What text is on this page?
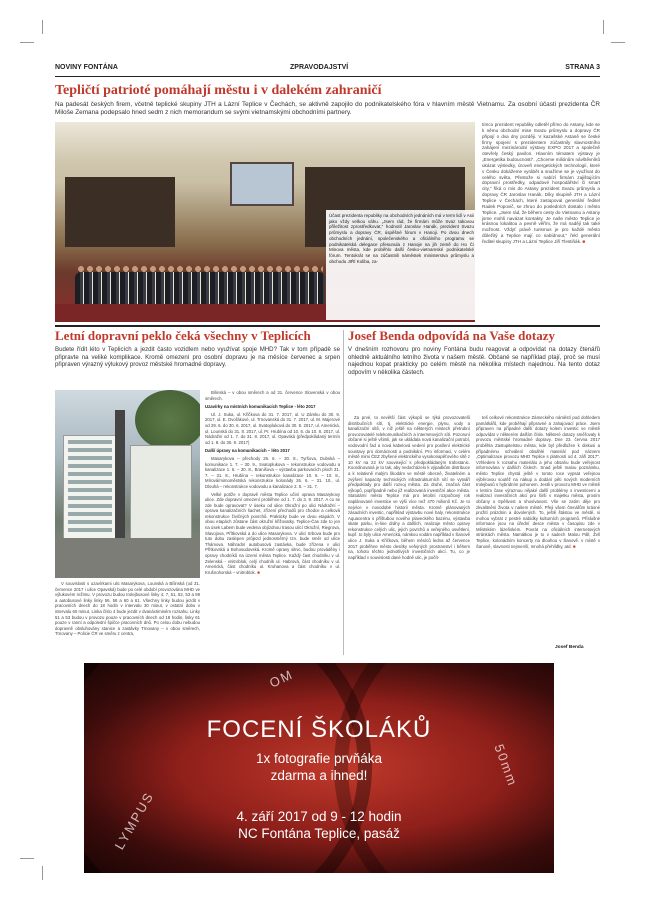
NOVINY FONTÁNA	ZPRAVODAJSTVÍ	STRANA 3
Tepličtí patrioté pomáhají městu i v dalekém zahraničí
Na padesát českých firem, včetně teplické skupiny JTH a Lázní Teplice v Čechách, se aktivně zapojilo do podnikatelského fóra v hlavním městě Vietnamu. Za osobní účasti prezidenta ČR Miloše Zemana podepsalo hned sedm z nich memorandum se svými vietnamskými obchodními partnery.
Účast prezidenta republiky na obchodních jednáních má v term lidí v Asii jako vždy velkou váhu. „Jsem rád, že firmám může Svaz takovou příležitost zprostředkovat," hodnotil Jaroslav Hanák, prezident Svazu průmyslu a dopravy ČR, úspěšné fórum v Hanoji. Po dvou dnech obchodních jednání, společenského a oficiálního programu se podnikatelská delegace přesunula z Hanoje na jih země do Ho Či Minova města, kde proběhlo další česko-vietnamské podnikatelské fórum. Tentokrát se na zúčastnili náměstek ministerstva průmyslu a obchodu JIŘÍ Koliba, za-
tímco prezident republiky odletěl přímo do Astany, kde se k němu obchodní mise Svazu průmyslu a dopravy ČR připojí o dva dny později. V kazašské Astaně se české firmy spojení s prezidentem zúčastnily slavnostního zahájení mezinárodní výstavy EXPO 2017 a společně otevřely český pavilon. Hlavním tématem výstavy je „Energetika budoucnosti". „Chceme miliónům návštěvníků ukázat výsledky, úroveň energetických technologií, které v Česku dokážeme vyrábět a snažíme se je využívat do celého světa. Přestože si nabízí firmám zajištujícím dopravní prostředky, odpadové hospodářství či smart city," říká o mis do Astany prezident Svazu průmyslu a dopravy ČR Jaroslav Hanák. Díky skupině JTH a Lázní Teplice v Čechách, které zastupoval generální ředitel Radek Popovič, se zhruo do posledních dostalo i město Teplice. „Jsem rád, že během cesty do Vietnamu a Astany jsme mohli navázat kontakty. Je naše město Teplice je krásnou lokalitou a pevně věřím, že má nadějí tak také možnost. Vždyť právě turismus je pro každé město důležitý a Teplice mají co nabídnout," řekl generální ředitel skupiny JTH a Lázní Teplice Jiří Tlestiňák. ■
Letní dopravní peklo čeká všechny v Teplicích
Budete řídit léto v Teplicích a jezdit často vozidlem nebo využívat spoje MHD? Tak v tom případě se připravte na veliké komplikace. Kromě omezení pro osobní dopravu je na měsíce červenec a srpen připraven výrazný výlukový provoz městské hromadné dopravy.

V souvislosti s uzavírkami ulic Masarykova, Lounská a Bílinská (od 31. července 2017 i ulice Opavská) bude po celé období provozována MHD ve výlukovém režimu. V provozu budou trolejbusové linky 4, 7, 51, 52, 53 a 59 a autobusové linky linky 56, 58 a 60 a 61. Všechny linky budou jezdit v pracovních dnech do 18 hodin v intervalu 30 minut, v ostatní dobu v intervalu 60 minut. Linka číslo 4 bude jezdit v dvanáctiminém rozsahu. Linky 51 a 53 budou v provozu pouze v pracovních dnech od 18 hodin, linky 61 pouze v ranní a odpolední špičce pracovních dnů. Po celou dobu nebudou dopravně obsluhovány stanice a zastávky Trnovany – v obou směrech, Trnovany – Policie ČR ve směru z centra,

Bílinská – v obou směrech a od 31. července Slovenská v obou směrech.

Uzavírky na místních komunikacích Teplice - léto 2017

Ul. J. Suka, ul. Křičkova do 31. 7. 2017, ul. U Zámku do 30. 9. 2017, ul. E. Dvořákové, ul. Trnovanská do 31. 7. 2017, ul. M. Majerové od 29. 6. do 30. 6. 2017, ul. Svatopluková do 30. 8. 2017, ul. Americká, ul. Lounská do 31. 8. 2017, ul. Pr. Hrubína od 10. 6. do 10. 8. 2017, ul. Nádražní od 1. 7. do 31. 8. 2017, ul. Opavská (předpokládaný termín od 1. 8. do 30. 9. 2017)

Další úpravy na komunikacích – léto 2017

Masarykova – přechody 26. 6. – 30. 8., Tyršova, Dubská – komunikace 1. 7. – 30. 9., Svatoplukova – rekonstrukce vodovodu a kanalizace 1. 6. – 30. 8., Branišova – výstavba parkovacích ploch 31. 7. – 31. 8., Hrubína – rekonstrukce kanalizace 10. 6. – 10. 8., Mírová/mimoměstská rekonstrukce kolonády 26. 6. – 31. 10., ul. Dlouhá – rekonstrukce vodovodu a kanalizace 2. 5. – 31. 7.

Velké potíže v dopravě města Teplice učiní oprava Masarykovy ulice. Zde dopravní omezení proběhne od 1. 7. do 3. 9. 2017. A co se zde bude opravovat? V úseku od ulice Okružní po ulici Nádražní – oprava kanalizačních šachet, zřízení přechodů pro chodce a celková rekonstrukce živičných povrchů. Prakticky bude ve dvou etapách. V obou etapách zůstane část okružní křižovatky. Teplice-Čas zde to jen na úsek Labem bude vedena objízdnou trasou ulicí Okružní, Riegrova, Slavojova, Přítkovská a do ulice Masarykova. V ulici Srbova bude pro tuto dobu zaslepen průjezd jednosměrný tzn. bude směr od ulice Thámova. Náhradní autobusová zastávka, bude zřízena v ulici Přítkovská a Bohosudovská. Kromě opravy silnic, budou prováděny i opravy chodníků na území města Teplice. Každý čast chodníku v ul. Zelenská - vnitroblok, celý chodník ul. Habrová, část chodníku v ul. Americká, část chodníku ul. Kruhanova a část chodníku v ul. Krušnohorská – vnitroblok. ■

Josef Benda odpovídá na Vaše dotazy
V dnešním rozhovoru pro noviny Fontána budu reagovat a odpovídat na dotazy čtenářů ohledně aktuálního letního života v našem městě. Občané se například ptají, proč se musí najednou kopat prakticky po celém městě na několika místech najednou. Na tento dotaz odpovím v několika částech.

Za prvé, to nevětší část výkopů se týká provozovatelů distribučních sítí, tj. elektrické energie, plynu, vody a kanalizační sítě, v níž ještě na některých místech přetrubní provozovatelé telekomunikačních a internetových sítí. Pozoruní občané si ještě všimli, jak se ukládala nová kanalizační potrubí, vodovodní řad a nová kabelová vedení pro posílení elektrické soustavy pro domácnosti a podnikání. Pro informaci, v celém městě mimi ČEZ zbyšené elektrického vysokonapěťového sítě z 10 kV na 22 kV související s předpokládaným trafostanic. Koordinovaná je to tak, aby nedocházelo k výpadkům distribuce a k relativně malým škodám ve městě obecně, živatelném a zvýšení kapacity technických infrastrukturních sítí se vytváří předpoklady pro další rozvoj města. Za druhé, značná část výkopů, popřípadně nebo již realizovaná investiční akce města. Statutární město Teplice má pro letošní rozpočtový rok naplánované investice ve výši více než 470 milionů Kč. Je to nejvíce v novodobé historii města. Kromě plánovaných zásadních investic, například výstavbu nové haly, rekonstrukce Aquacentra s příštubou nového plaveckého bazénu, výstavba skate parku, in-line dráhy a dalších, realizuje město opravy rekonstrukce celých ulic, jejich povrchů a veřejného osvětlení, kupř. to byly ulice Americká, námkou vodám například v Šanově ulice J. Suka a Křičkova, během měsíců ledna až července 2017 proběhne město desítky veřejných prostranství i během na, tohoto těchto jednotlivých investičních akcí. Tu, co je například v souvislosti dané hodně ulic, je počít-

telí celkové rekonstrukce Zámeckého náměstí pod dohledem památkářů, kde proběhají připravné a zahajovací práce. Jsem připraven na případné další dotazy kolem investic ve městě odpovídat v některém dalším čísle. Některé dotazy směřovaly k provozu městské hromadné dopravy. Dne 23. června 2017 proběhla Zastupitelstvu města, kde byl předložen k diskusi a případnému schválení obsáhlé materiál pod názvem „Optimalizace provozu MHD Teplice s platností od 4. září 2017". Vzhledem k rozsahu materiálu a jeho obsahu bude veřejnost informována v dalších číslech. Snad ještě malou poznámku, město Teplice chystá ještě v tomto roce vypsat veřejnou výběrovou soutěž na nákup a dodání pěti nových moderních trolejbusů s hybridním pohonem. Jestli v provozu MHD ve městě v letním čase výraznou nějaké další problémy s investicemi a realizací investičních akcí pro širší v majetku města, prosím občany o trpělivost a shovívavost. Vše se zatím děje pro zkvalitnění života v našem městě. Přeji všem čtenářům krásné prožití prázdnin a dovolených. To, ještě štástou ve městě, si mohou vybrat z pestré nabídky kulturních programů. Příslušné informace jsou na úřední desce města v časopisu zde v Městském lázeňském. Povrát na oficiálních internetových stránkách města. Namátkou je to v sadech Malou Páll, Žvlí Teplice, kolonádním koncerty na dlouhou v Šanově. v místě v Šanově, slavnosti nejmenší, mnohá přehlídky, atd. ■

Josef Benda
LYMPUS
OM
50mm
FOCENÍ ŠKOLÁKŮ
1x fotografie prvňáka
zdarma a ihned!
4. září 2017 od 9 - 12 hodin
NC Fontána Teplice, pasáž
